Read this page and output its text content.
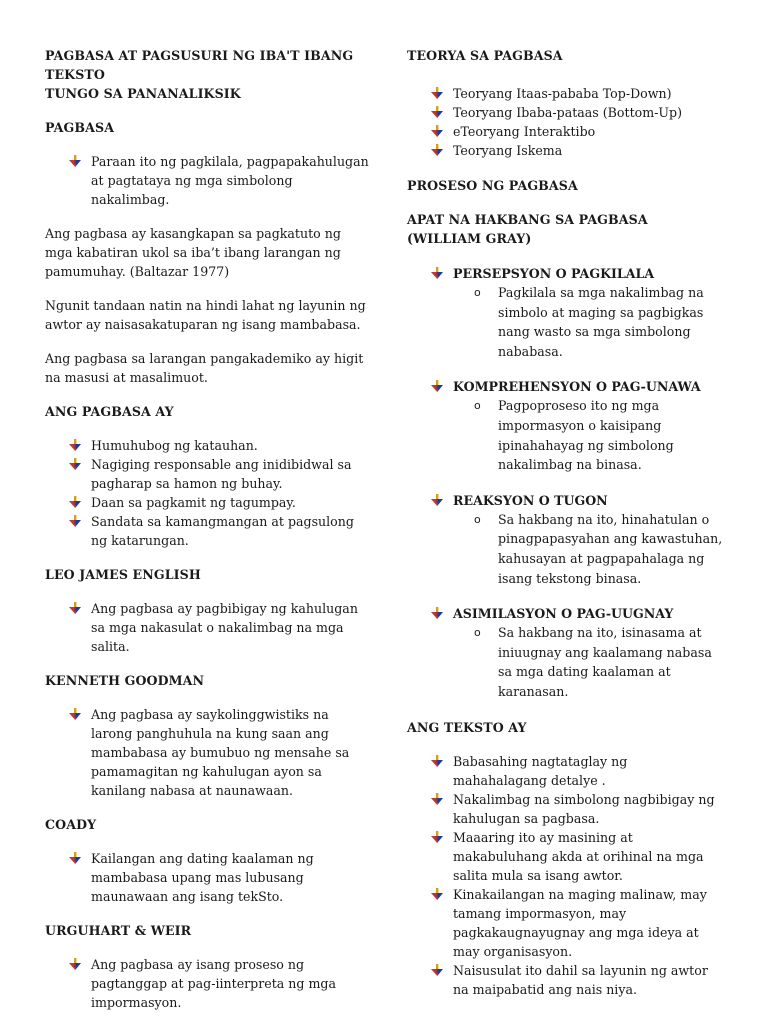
PAGBASA AT PAGSUSURI NG IBA'T IBANG TEKSTO
TUNGO SA PANANALIKSIK
PAGBASA
Paraan ito ng pagkilala, pagpapakahulugan at pagtataya ng mga simbolong nakalimbag.
Ang pagbasa ay kasangkapan sa pagkatuto ng mga kabatiran ukol sa iba’t ibang larangan ng pamumuhay. (Baltazar 1977)
Ngunit tandaan natin na hindi lahat ng layunin ng awtor ay naisasakatuparan ng isang mambabasa.
Ang pagbasa sa larangan pangakademiko ay higit na masusi at masalimuot.
ANG PAGBASA AY
Humuhubog ng katauhan.
Nagiging responsable ang inidibidwal sa pagharap sa hamon ng buhay.
Daan sa pagkamit ng tagumpay.
Sandata sa kamangmangan at pagsulong ng katarungan.
LEO JAMES ENGLISH
Ang pagbasa ay pagbibigay ng kahulugan sa mga nakasulat o nakalimbag na mga salita.
KENNETH GOODMAN
Ang pagbasa ay saykolinggwistiks na larong panghuhula na kung saan ang mambabasa ay bumubuo ng mensahe sa pamamagitan ng kahulugan ayon sa kanilang nabasa at naunawaan.
COADY
Kailangan ang dating kaalaman ng mambabasa upang mas lubusang maunawaan ang isang tekSto.
URGUHART & WEIR
Ang pagbasa ay isang proseso ng pagtanggap at pag-iinterpreta ng mga impormasyon.
TEORYA SA PAGBASA
Teoryang Itaas-pababa Top-Down)
Teoryang Ibaba-pataas (Bottom-Up)
eTeoryang Interaktibo
Teoryang Iskema
PROSESO NG PAGBASA
APAT NA HAKBANG SA PAGBASA
(WILLIAM GRAY)
PERSEPSYON O PAGKILALA
o Pagkilala sa mga nakalimbag na simbolo at maging sa pagbigkas nang wasto sa mga simbolong nababasa.
KOMPREHENSYON O PAG-UNAWA
o Pagpoproseso ito ng mga impormasyon o kaisipang ipinahahayag ng simbolong nakalimbag na binasa.
REAKSYON O TUGON
o Sa hakbang na ito, hinahatulan o pinagpapasyahan ang kawastuhan, kahusayan at pagpapahalaga ng isang tekstong binasa.
ASIMILASYON O PAG-UUGNAY
o Sa hakbang na ito, isinasama at iniuugnay ang kaalamang nabasa sa mga dating kaalaman at karanasan.
ANG TEKSTO AY
Babasahing nagtataglay ng mahahalagang detalye .
Nakalimbag na simbolong nagbibigay ng kahulugan sa pagbasa.
Maaaring ito ay masining at makabuluhang akda at orihinal na mga salita mula sa isang awtor.
Kinakailangan na maging malinaw, may tamang impormasyon, may pagkakaugnayugnay ang mga ideya at may organisasyon.
Naisusulat ito dahil sa layunin ng awtor na maipabatid ang nais niya.
